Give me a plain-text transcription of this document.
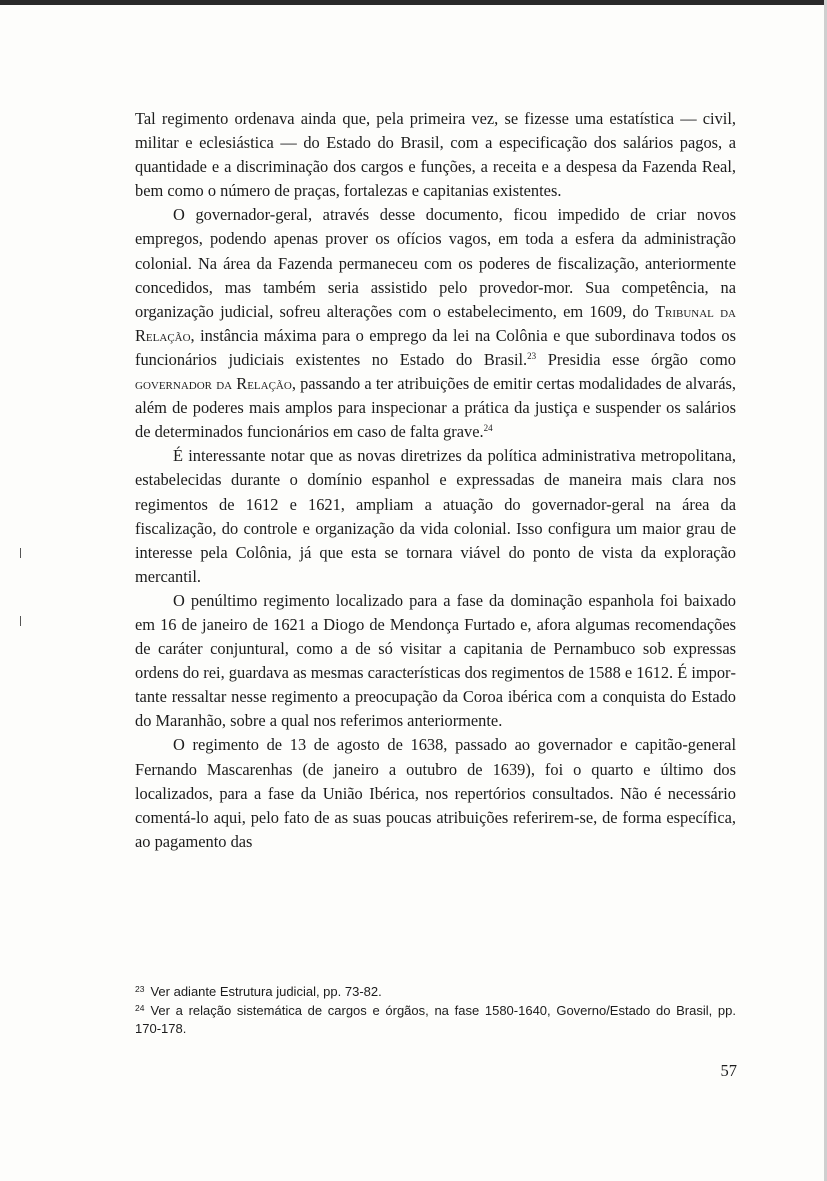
Tal regimento ordenava ainda que, pela primeira vez, se fizesse uma estatística — civil, militar e eclesiástica — do Estado do Brasil, com a especificação dos salários pagos, a quantidade e a discriminação dos cargos e funções, a receita e a despesa da Fazenda Real, bem como o número de praças, fortalezas e capitanias existentes.

O governador-geral, através desse documento, ficou impedido de criar novos empregos, podendo apenas prover os ofícios vagos, em toda a esfera da administração colonial. Na área da Fazenda permaneceu com os poderes de fiscalização, anteriormente concedidos, mas também seria assistido pelo provedor-mor. Sua competência, na organização judicial, sofreu alterações com o estabelecimento, em 1609, do Tribunal da Relação, instância máxima para o emprego da lei na Colônia e que subordinava todos os funcionários judiciais existentes no Estado do Brasil.$^{23}$ Presidia esse órgão como governador da Relação, passando a ter atribuições de emitir certas modalidades de alvarás, além de poderes mais amplos para inspecionar a prática da justiça e suspender os salários de determinados funcionários em caso de falta grave.$^{24}$

É interessante notar que as novas diretrizes da política administrativa metropolitana, estabelecidas durante o domínio espanhol e expressadas de maneira mais clara nos regimentos de 1612 e 1621, ampliam a atuação do governador-geral na área da fiscalização, do controle e organização da vida colonial. Isso configura um maior grau de interesse pela Colônia, já que esta se tornara viável do ponto de vista da exploração mercantil.

O penúltimo regimento localizado para a fase da dominação espanhola foi baixado em 16 de janeiro de 1621 a Diogo de Mendonça Furtado e, afora algumas recomendações de caráter conjuntural, como a de só visitar a capitania de Pernambuco sob expressas ordens do rei, guardava as mesmas características dos regimentos de 1588 e 1612. É importante ressaltar nesse regimento a preocupação da Coroa ibérica com a conquista do Estado do Maranhão, sobre a qual nos referimos anteriormente.

O regimento de 13 de agosto de 1638, passado ao governador e capitão-general Fernando Mascarenhas (de janeiro a outubro de 1639), foi o quarto e último dos localizados, para a fase da União Ibérica, nos repertórios consultados. Não é necessário comentá-lo aqui, pelo fato de as suas poucas atribuições referirem-se, de forma específica, ao pagamento das

$^{23}$ Ver adiante Estrutura judicial, pp. 73-82.

$^{24}$ Ver a relação sistemática de cargos e órgãos, na fase 1580-1640, Governo/Estado do Brasil, pp. 170-178.

57
